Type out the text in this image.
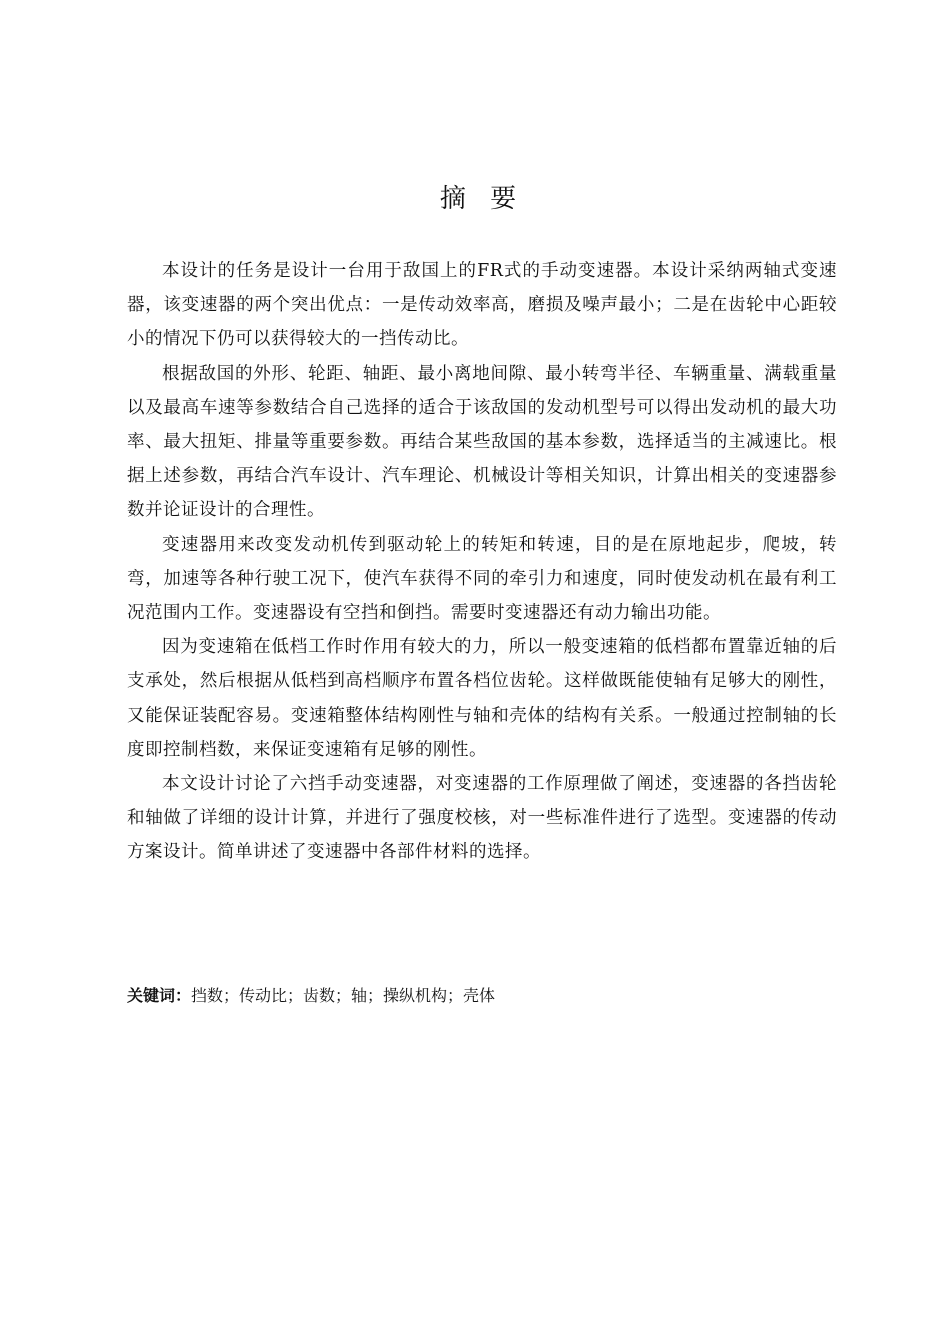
摘 要

本设计的任务是设计一台用于敌国上的FR式的手动变速器。本设计采纳两轴式变速器，该变速器的两个突出优点：一是传动效率高，磨损及噪声最小；二是在齿轮中心距较小的情况下仍可以获得较大的一挡传动比。

根据敌国的外形、轮距、轴距、最小离地间隙、最小转弯半径、车辆重量、满载重量以及最高车速等参数结合自己选择的适合于该敌国的发动机型号可以得出发动机的最大功率、最大扭矩、排量等重要参数。再结合某些敌国的基本参数，选择适当的主减速比。根据上述参数，再结合汽车设计、汽车理论、机械设计等相关知识，计算出相关的变速器参数并论证设计的合理性。

变速器用来改变发动机传到驱动轮上的转矩和转速，目的是在原地起步，爬坡，转弯，加速等各种行驶工况下，使汽车获得不同的牵引力和速度，同时使发动机在最有利工况范围内工作。变速器设有空挡和倒挡。需要时变速器还有动力输出功能。

因为变速箱在低档工作时作用有较大的力，所以一般变速箱的低档都布置靠近轴的后支承处，然后根据从低档到高档顺序布置各档位齿轮。这样做既能使轴有足够大的刚性，又能保证装配容易。变速箱整体结构刚性与轴和壳体的结构有关系。一般通过控制轴的长度即控制档数，来保证变速箱有足够的刚性。

本文设计讨论了六挡手动变速器，对变速器的工作原理做了阐述，变速器的各挡齿轮和轴做了详细的设计计算，并进行了强度校核，对一些标准件进行了选型。变速器的传动方案设计。简单讲述了变速器中各部件材料的选择。

关键词：挡数；传动比；齿数；轴；操纵机构；壳体
